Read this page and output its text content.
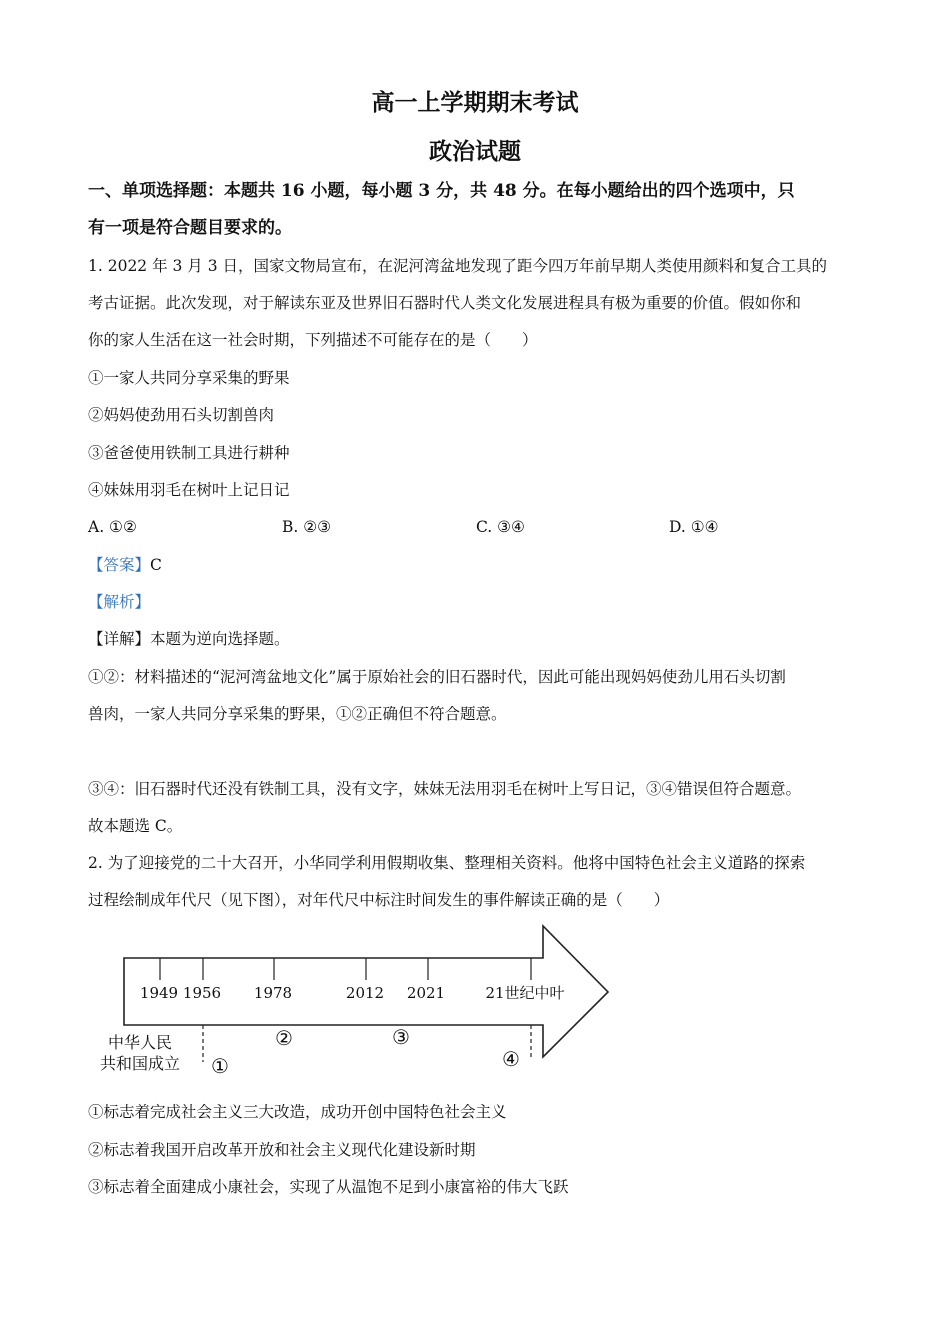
高一上学期期末考试
政治试题

一、单项选择题：本题共 16 小题，每小题 3 分，共 48 分。在每小题给出的四个选项中，只

有一项是符合题目要求的。

1. 2022 年 3 月 3 日，国家文物局宣布，在泥河湾盆地发现了距今四万年前早期人类使用颜料和复合工具的

考古证据。此次发现，对于解读东亚及世界旧石器时代人类文化发展进程具有极为重要的价值。假如你和

你的家人生活在这一社会时期，下列描述不可能存在的是（　　）

①一家人共同分享采集的野果

②妈妈使劲用石头切割兽肉

③爸爸使用铁制工具进行耕种

④妹妹用羽毛在树叶上记日记

A. ①②	B. ②③	C. ③④	D. ①④

【答案】C

【解析】

【详解】本题为逆向选择题。

①②：材料描述的“泥河湾盆地文化”属于原始社会的旧石器时代，因此可能出现妈妈使劲儿用石头切割

兽肉，一家人共同分享采集的野果，①②正确但不符合题意。

③④：旧石器时代还没有铁制工具，没有文字，妹妹无法用羽毛在树叶上写日记，③④错误但符合题意。

故本题选 C。

2. 为了迎接党的二十大召开，小华同学利用假期收集、整理相关资料。他将中国特色社会主义道路的探索

过程绘制成年代尺（见下图），对年代尺中标注时间发生的事件解读正确的是（　　）

1949 1956 1978	2012 2021	21世纪中叶
中华人民
共和国成立 ①
②	③
④

①标志着完成社会主义三大改造，成功开创中国特色社会主义

②标志着我国开启改革开放和社会主义现代化建设新时期

③标志着全面建成小康社会，实现了从温饱不足到小康富裕的伟大飞跃
